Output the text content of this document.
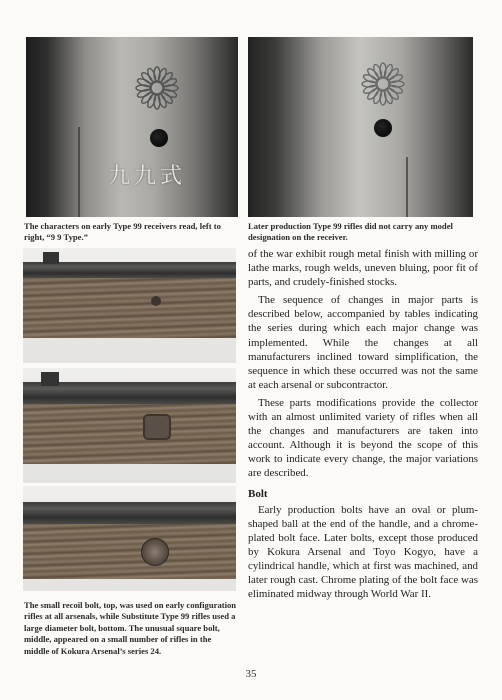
九九式
The characters on early Type 99 receivers read, left to right, “9 9 Type.”
Later production Type 99 rifles did not carry any model designation on the receiver.
The small recoil bolt, top, was used on early configuration rifles at all arsenals, while Substitute Type 99 rifles used a large diameter bolt, bottom. The unusual square bolt, middle, appeared on a small number of rifles in the middle of Kokura Arsenal’s series 24.

of the war exhibit rough metal finish with milling or lathe marks, rough welds, uneven bluing, poor fit of parts, and crudely-finished stocks.

The sequence of changes in major parts is described below, accompanied by tables indicating the series during which each major change was implemented. While the changes at all manufacturers inclined toward simplification, the sequence in which these occurred was not the same at each arsenal or subcontractor.

These parts modifications provide the collector with an almost unlimited variety of rifles when all the changes and manufacturers are taken into account. Although it is beyond the scope of this work to indicate every change, the major variations are described.

Bolt

Early production bolts have an oval or plum-shaped ball at the end of the handle, and a chrome-plated bolt face. Later bolts, except those produced by Kokura Arsenal and Toyo Kogyo, have a cylindrical handle, which at first was machined, and later rough cast. Chrome plating of the bolt face was eliminated midway through World War II.

35
